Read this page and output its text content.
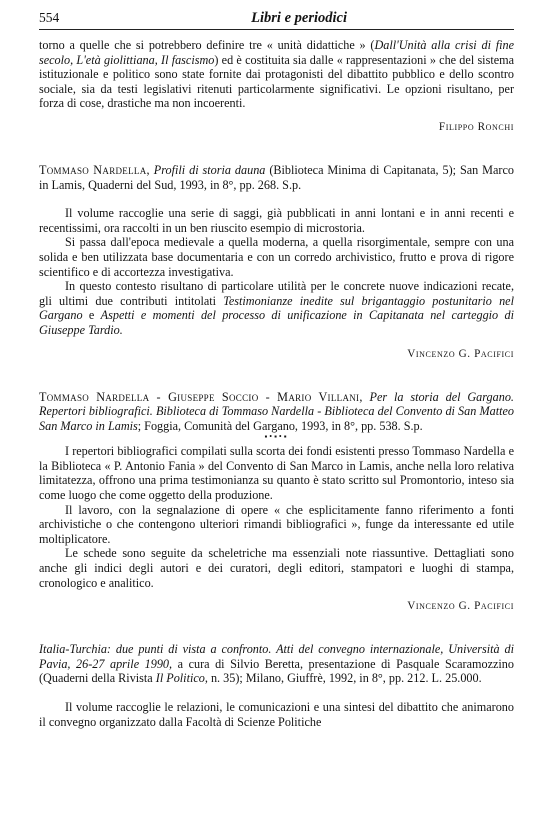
554	Libri e periodici

torno a quelle che si potrebbero definire tre « unità didattiche » (Dall'Unità alla crisi di fine secolo, L'età giolittiana, Il fascismo) ed è costituita sia dalle « rappresentazioni » che del sistema istituzionale e politico sono state fornite dai protagonisti del dibattito pubblico e dello scontro sociale, sia da testi legislativi ritenuti particolarmente significativi. Le opzioni risultano, per forza di cose, drastiche ma non incoerenti.

Filippo Ronchi

Tommaso Nardella, Profili di storia dauna (Biblioteca Minima di Capitanata, 5); San Marco in Lamis, Quaderni del Sud, 1993, in 8°, pp. 268. S.p.

Il volume raccoglie una serie di saggi, già pubblicati in anni lontani e in anni recenti e recentissimi, ora raccolti in un ben riuscito esempio di microstoria.

Si passa dall'epoca medievale a quella moderna, a quella risorgimentale, sempre con una solida e ben utilizzata base documentaria e con un corredo archivistico, frutto e prova di rigore scientifico e di accortezza investigativa.

In questo contesto risultano di particolare utilità per le concrete nuove indicazioni recate, gli ultimi due contributi intitolati Testimonianze inedite sul brigantaggio postunitario nel Gargano e Aspetti e momenti del processo di unificazione in Capitanata nel carteggio di Giuseppe Tardio.

Vincenzo G. Pacifici

Tommaso Nardella - Giuseppe Soccio - Mario Villani, Per la storia del Gargano. Repertori bibliografici. Biblioteca di Tommaso Nardella - Biblioteca del Convento di San Matteo San Marco in Lamis; Foggia, Comunità del Gargano, 1993, in 8°, pp. 538. S.p.

▪•▪•▪

I repertori bibliografici compilati sulla scorta dei fondi esistenti presso Tommaso Nardella e la Biblioteca « P. Antonio Fania » del Convento di San Marco in Lamis, anche nella loro relativa limitatezza, offrono una prima testimonianza su quanto è stato scritto sul Promontorio, inteso sia come luogo che come oggetto della produzione.

Il lavoro, con la segnalazione di opere « che esplicitamente fanno riferimento a fonti archivistiche o che contengono ulteriori rimandi bibliografici », funge da interessante ed utile moltiplicatore.

Le schede sono seguite da scheletriche ma essenziali note riassuntive. Dettagliati sono anche gli indici degli autori e dei curatori, degli editori, stampatori e luoghi di stampa, cronologico e analitico.

Vincenzo G. Pacifici

Italia-Turchia: due punti di vista a confronto. Atti del convegno internazionale, Università di Pavia, 26-27 aprile 1990, a cura di Silvio Beretta, presentazione di Pasquale Scaramozzino (Quaderni della Rivista Il Politico, n. 35); Milano, Giuffrè, 1992, in 8°, pp. 212. L. 25.000.

Il volume raccoglie le relazioni, le comunicazioni e una sintesi del dibattito che animarono il convegno organizzato dalla Facoltà di Scienze Politiche
